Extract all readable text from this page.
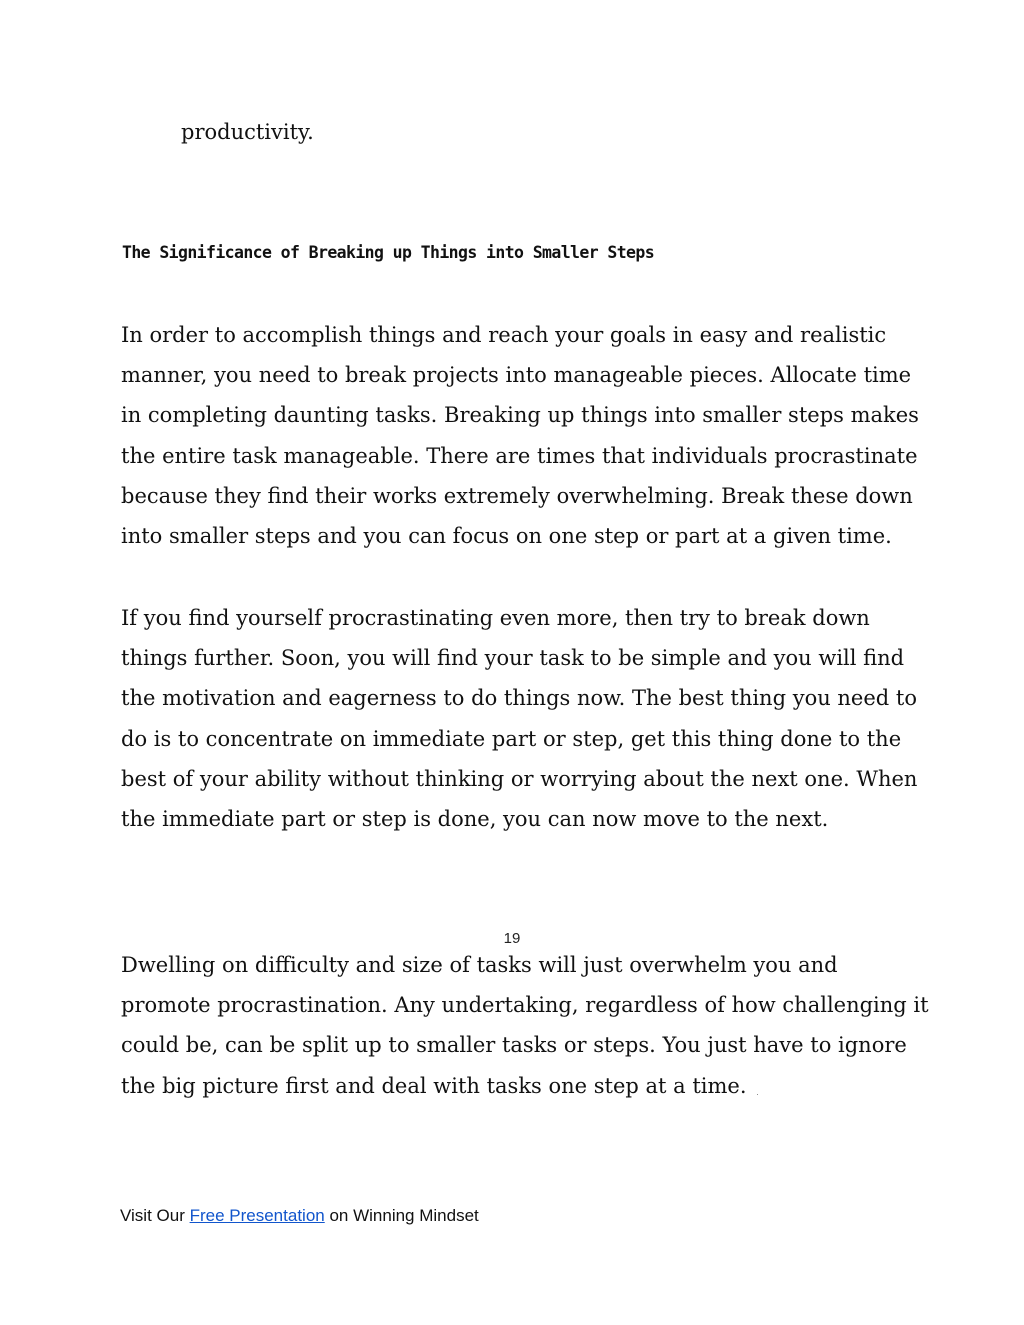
productivity.

The Significance of Breaking up Things into Smaller Steps

In order to accomplish things and reach your goals in easy and realistic
manner, you need to break projects into manageable pieces. Allocate time
in completing daunting tasks. Breaking up things into smaller steps makes
the entire task manageable. There are times that individuals procrastinate
because they find their works extremely overwhelming. Break these down
into smaller steps and you can focus on one step or part at a given time.

If you find yourself procrastinating even more, then try to break down
things further. Soon, you will find your task to be simple and you will find
the motivation and eagerness to do things now. The best thing you need to
do is to concentrate on immediate part or step, get this thing done to the
best of your ability without thinking or worrying about the next one. When
the immediate part or step is done, you can now move to the next.

19

Dwelling on difficulty and size of tasks will just overwhelm you and
promote procrastination. Any undertaking, regardless of how challenging it
could be, can be split up to smaller tasks or steps. You just have to ignore
the big picture first and deal with tasks one step at a time. .

Visit Our Free Presentation on Winning Mindset
